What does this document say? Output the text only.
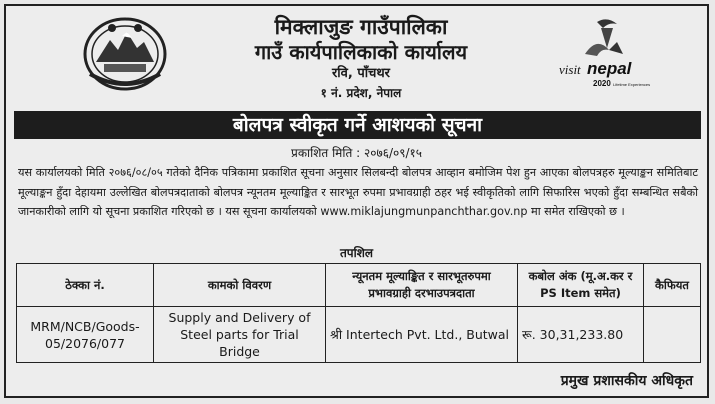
मिक्लाजुङ गाउँपालिका
गाउँ कार्यपालिकाको कार्यालय
रवि, पाँचथर
१ नं. प्रदेश, नेपाल
visit nepal
2020 Lifetime Experiences
बोलपत्र स्वीकृत गर्ने आशयको सूचना
प्रकाशित मिति : २०७६/०९/१५
यस कार्यालयको मिति २०७६/०८/०५ गतेको दैनिक पत्रिकामा प्रकाशित सूचना अनुसार सिलबन्दी बोलपत्र आव्हान बमोजिम पेश हुन आएका बोलपत्रहरु मूल्याङ्कन समितिबाट मूल्याङ्कन हुँदा देहायमा उल्लेखित बोलपत्रदाताको बोलपत्र न्यूनतम मूल्याङ्कित र सारभूत रुपमा प्रभावग्राही ठहर भई स्वीकृतिको लागि सिफारिस भएको हुँदा सम्बन्धित सबैको जानकारीको लागि यो सूचना प्रकाशित गरिएको छ । यस सूचना कार्यालयको www.miklajungmunpanchthar.gov.np मा समेत राखिएको छ ।
तपशिल
ठेक्का नं.	कामको विवरण	न्यूनतम मूल्याङ्कित र सारभूतरुपमा प्रभावग्राही दरभाउपत्रदाता	कबोल अंक (मू.अ.कर र PS Item समेत)	कैफियत
MRM/NCB/Goods-05/2076/077	Supply and Delivery of Steel parts for Trial Bridge	श्री Intertech Pvt. Ltd., Butwal	रू. 30,31,233.80	
प्रमुख प्रशासकीय अधिकृत
